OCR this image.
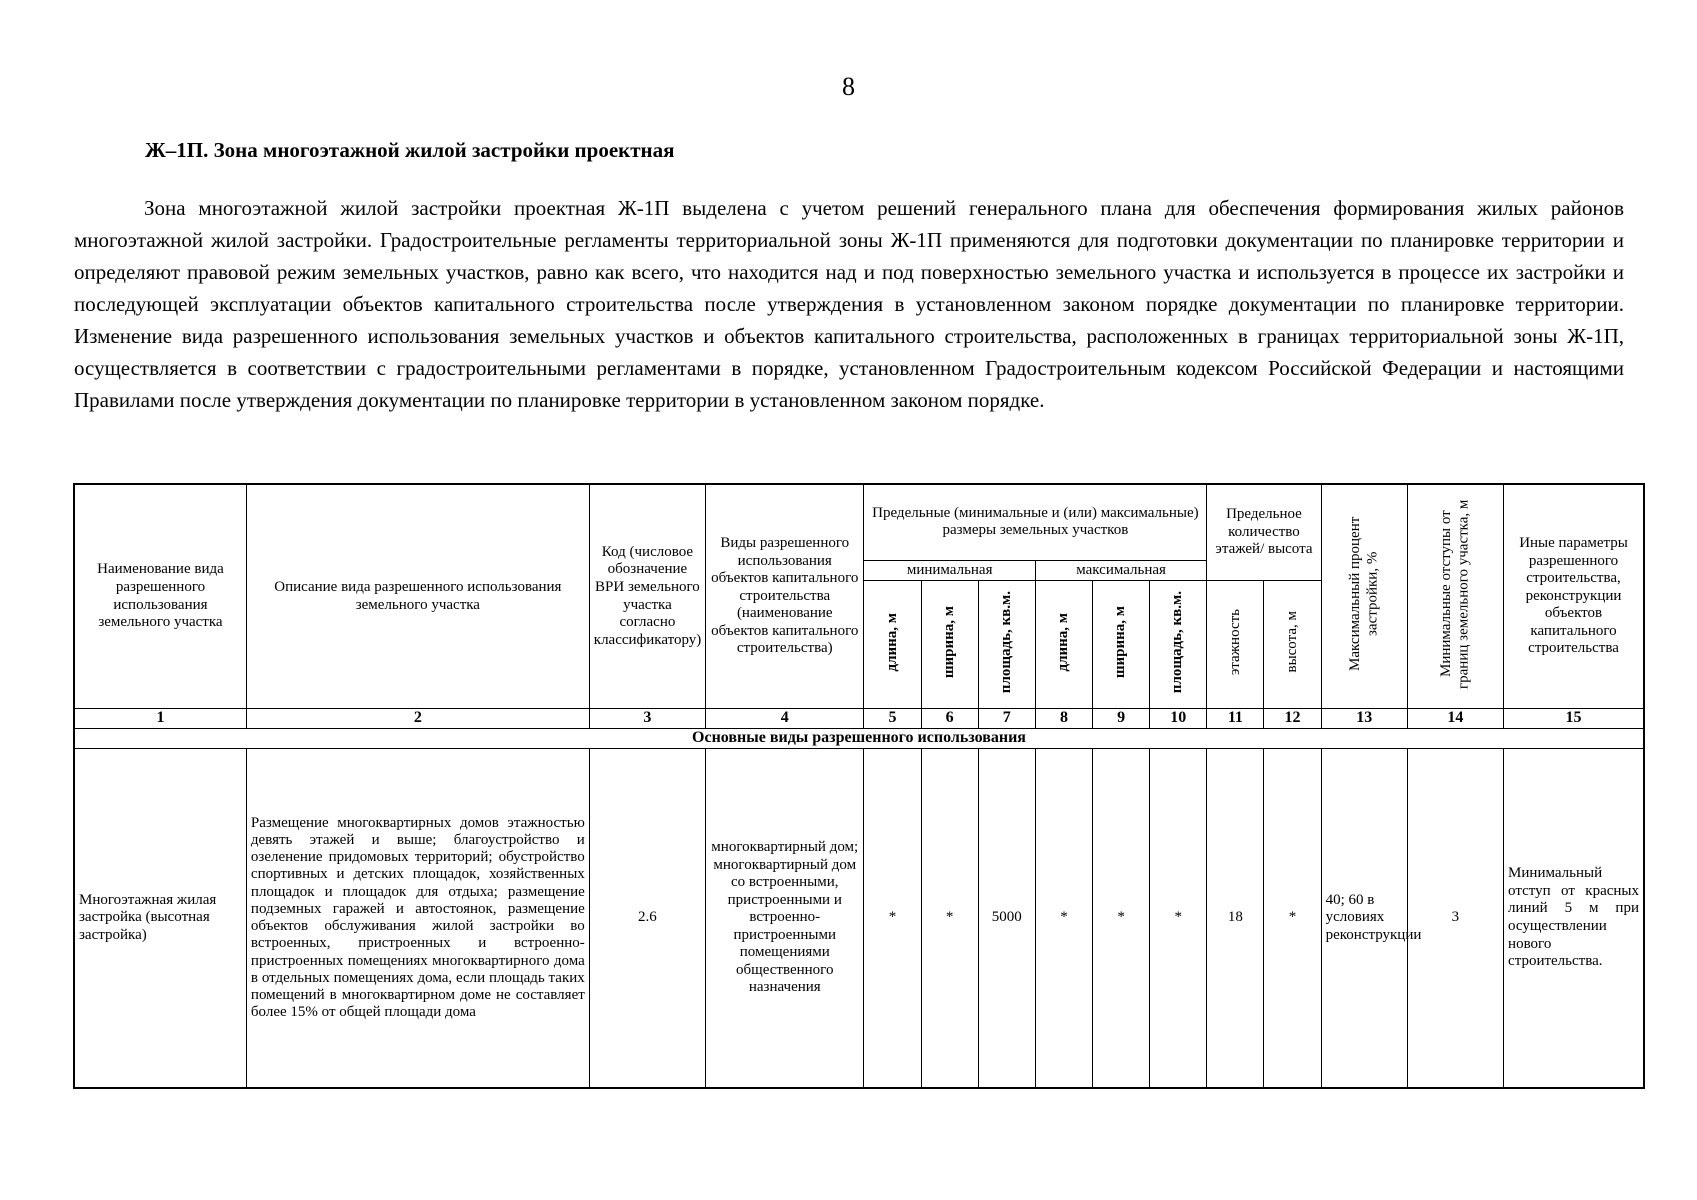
8
Ж–1П. Зона многоэтажной жилой застройки проектная

Зона многоэтажной жилой застройки проектная Ж-1П выделена с учетом решений генерального плана для обеспечения формирования жилых районов многоэтажной жилой застройки. Градостроительные регламенты территориальной зоны Ж-1П применяются для подготовки документации по планировке территории и определяют правовой режим земельных участков, равно как всего, что находится над и под поверхностью земельного участка и используется в процессе их застройки и последующей эксплуатации объектов капитального строительства после утверждения в установленном законом порядке документации по планировке территории. Изменение вида разрешенного использования земельных участков и объектов капитального строительства, расположенных в границах территориальной зоны Ж-1П, осуществляется в соответствии с градостроительными регламентами в порядке, установленном Градостроительным кодексом Российской Федерации и настоящими Правилами после утверждения документации по планировке территории в установленном законом порядке.

Наименование вида разрешенного использования земельного участка	Описание вида разрешенного использования земельного участка	Код (числовое обозначение ВРИ земельного участка согласно классификатору)	Виды разрешенного использования объектов капитального строительства (наименование объектов капитального строительства)	Предельные (минимальные и (или) максимальные) размеры земельных участков						Предельное количество этажей/ высота		Максимальный процент застройки, %	Минимальные отступы от границ земельного участка, м	Иные параметры разрешенного строительства, реконструкции объектов капитального строительства
				минимальная			максимальная							
				длина, м	ширина, м	площадь, кв.м.	длина, м	ширина, м	площадь, кв.м.	этажность	высота, м			
1	2	3	4	5	6	7	8	9	10	11	12	13	14	15
Основные виды разрешенного использования														
Многоэтажная жилая застройка (высотная застройка)	Размещение многоквартирных домов этажностью девять этажей и выше; благоустройство и озеленение придомовых территорий; обустройство спортивных и детских площадок, хозяйственных площадок и площадок для отдыха; размещение подземных гаражей и автостоянок, размещение объектов обслуживания жилой застройки во встроенных, пристроенных и встроенно-пристроенных помещениях многоквартирного дома в отдельных помещениях дома, если площадь таких помещений в многоквартирном доме не составляет более 15% от общей площади дома	2.6	многоквартирный дом; многоквартирный дом со встроенными, пристроенными и встроенно-пристроенными помещениями общественного назначения	*	*	5000	*	*	*	18	*	40; 60 в условиях реконструкции	3	Минимальный отступ от красных линий 5 м при осуществлении нового строительства.
